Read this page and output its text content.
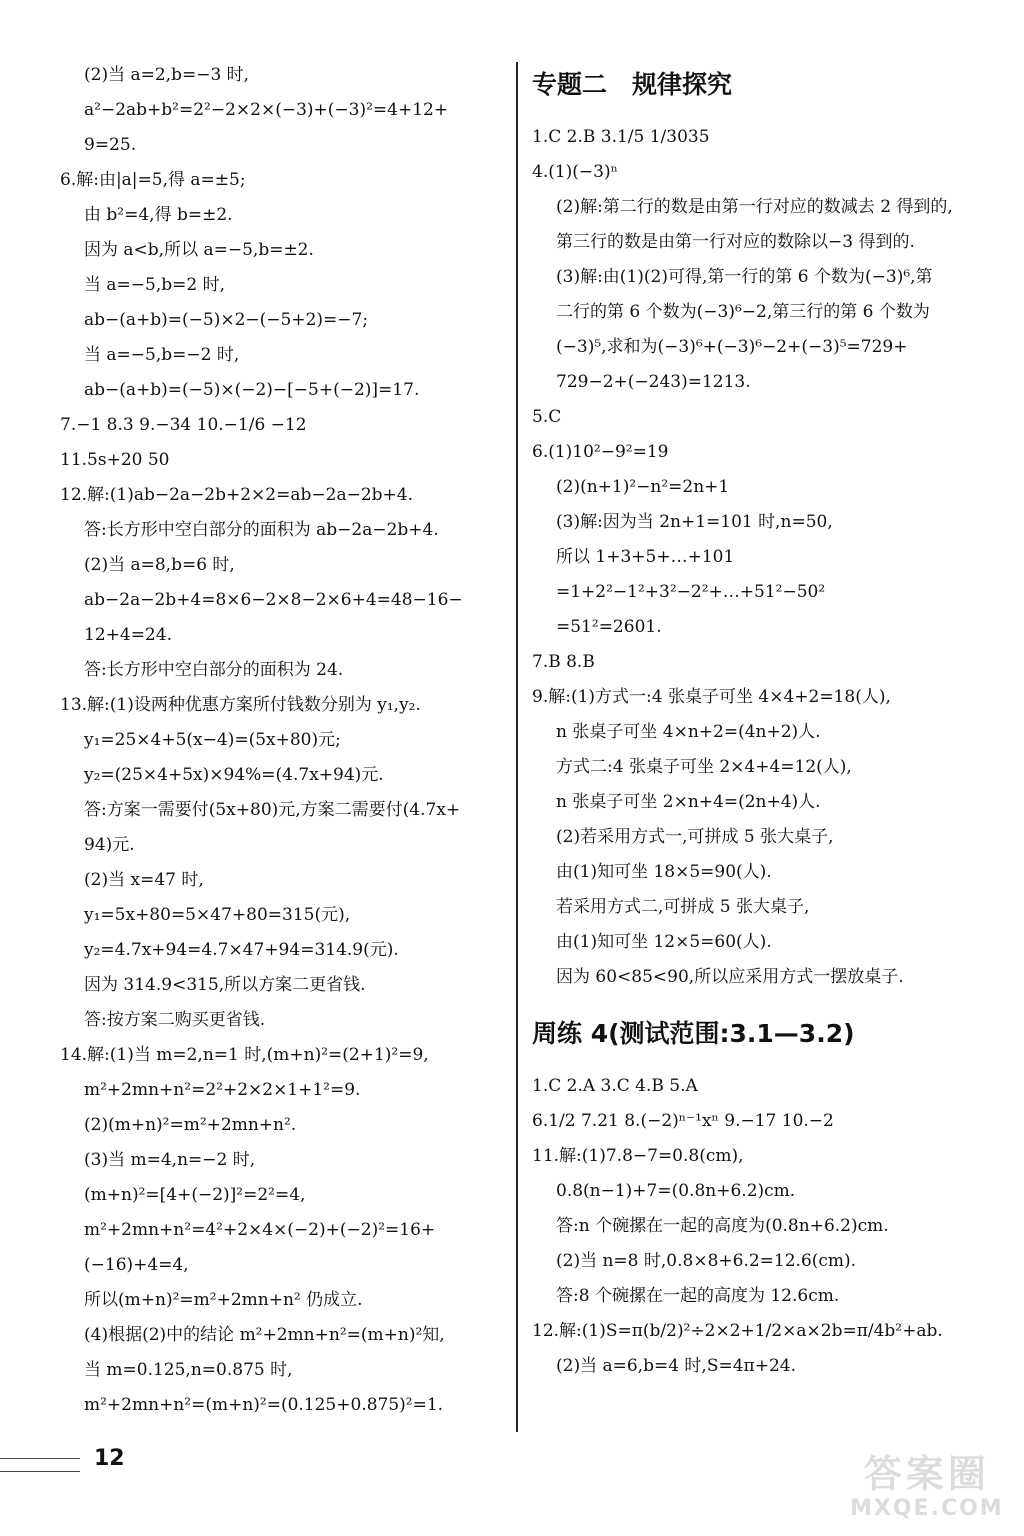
(2)当 a=2,b=−3 时,
a²−2ab+b²=2²−2×2×(−3)+(−3)²=4+12+
9=25.
6.解:由|a|=5,得 a=±5;
由 b²=4,得 b=±2.
因为 a<b,所以 a=−5,b=±2.
当 a=−5,b=2 时,
ab−(a+b)=(−5)×2−(−5+2)=−7;
当 a=−5,b=−2 时,
ab−(a+b)=(−5)×(−2)−[−5+(−2)]=17.
7.−1 8.3 9.−34 10.−1/6 −12
11.5s+20 50
12.解:(1)ab−2a−2b+2×2=ab−2a−2b+4.
答:长方形中空白部分的面积为 ab−2a−2b+4.
(2)当 a=8,b=6 时,
ab−2a−2b+4=8×6−2×8−2×6+4=48−16−
12+4=24.
答:长方形中空白部分的面积为 24.
13.解:(1)设两种优惠方案所付钱数分别为 y₁,y₂.
y₁=25×4+5(x−4)=(5x+80)元;
y₂=(25×4+5x)×94%=(4.7x+94)元.
答:方案一需要付(5x+80)元,方案二需要付(4.7x+
94)元.
(2)当 x=47 时,
y₁=5x+80=5×47+80=315(元),
y₂=4.7x+94=4.7×47+94=314.9(元).
因为 314.9<315,所以方案二更省钱.
答:按方案二购买更省钱.
14.解:(1)当 m=2,n=1 时,(m+n)²=(2+1)²=9,
m²+2mn+n²=2²+2×2×1+1²=9.
(2)(m+n)²=m²+2mn+n².
(3)当 m=4,n=−2 时,
(m+n)²=[4+(−2)]²=2²=4,
m²+2mn+n²=4²+2×4×(−2)+(−2)²=16+
(−16)+4=4,
所以(m+n)²=m²+2mn+n² 仍成立.
(4)根据(2)中的结论 m²+2mn+n²=(m+n)²知,
当 m=0.125,n=0.875 时,
m²+2mn+n²=(m+n)²=(0.125+0.875)²=1.
专题二　规律探究
1.C 2.B 3.1/5 1/3035
4.(1)(−3)ⁿ
(2)解:第二行的数是由第一行对应的数减去 2 得到的,
第三行的数是由第一行对应的数除以−3 得到的.
(3)解:由(1)(2)可得,第一行的第 6 个数为(−3)⁶,第
二行的第 6 个数为(−3)⁶−2,第三行的第 6 个数为
(−3)⁵,求和为(−3)⁶+(−3)⁶−2+(−3)⁵=729+
729−2+(−243)=1213.
5.C
6.(1)10²−9²=19
(2)(n+1)²−n²=2n+1
(3)解:因为当 2n+1=101 时,n=50,
所以 1+3+5+…+101
=1+2²−1²+3²−2²+…+51²−50²
=51²=2601.
7.B 8.B
9.解:(1)方式一:4 张桌子可坐 4×4+2=18(人),
n 张桌子可坐 4×n+2=(4n+2)人.
方式二:4 张桌子可坐 2×4+4=12(人),
n 张桌子可坐 2×n+4=(2n+4)人.
(2)若采用方式一,可拼成 5 张大桌子,
由(1)知可坐 18×5=90(人).
若采用方式二,可拼成 5 张大桌子,
由(1)知可坐 12×5=60(人).
因为 60<85<90,所以应采用方式一摆放桌子.
周练 4(测试范围:3.1—3.2)
1.C 2.A 3.C 4.B 5.A
6.1/2 7.21 8.(−2)ⁿ⁻¹xⁿ 9.−17 10.−2
11.解:(1)7.8−7=0.8(cm),
0.8(n−1)+7=(0.8n+6.2)cm.
答:n 个碗摞在一起的高度为(0.8n+6.2)cm.
(2)当 n=8 时,0.8×8+6.2=12.6(cm).
答:8 个碗摞在一起的高度为 12.6cm.
12.解:(1)S=π(b/2)²÷2×2+1/2×a×2b=π/4b²+ab.
(2)当 a=6,b=4 时,S=4π+24.
12	答案圈
MXQE.COM
